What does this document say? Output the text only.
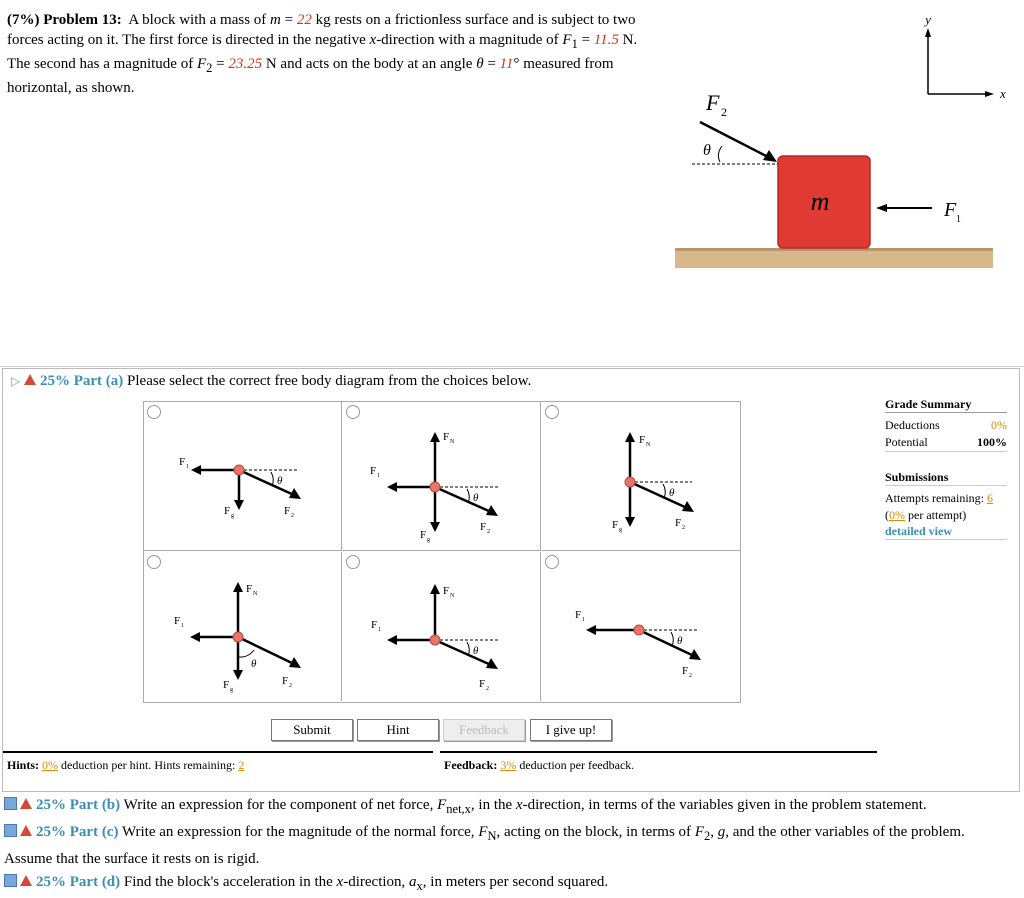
(7%) Problem 13: A block with a mass of m = 22 kg rests on a frictionless surface and is subject to two forces acting on it. The first force is directed in the negative x-direction with a magnitude of $F_1 = 11.5$ N. The second has a magnitude of $F_2 = 23.25$ N and acts on the body at an angle θ = 11° measured from horizontal, as shown.
y
x
m
F 2
θ
F 1
▷ 25% Part (a) Please select the correct free body diagram from the choices below.
θ
F 1
F g	F 2
θ
F N
F 1
F g
F 2
θ
F N
F g
F 2
θ
F N
F 1
F g
F 2
θ
F N
F 1
F 2
θ
F 1
F 2
Submit	Hint	Feedback	I give up!
Hints: 0% deduction per hint. Hints remaining: 2	Feedback: 3% deduction per feedback.
Grade Summary
Deductions	0%
Potential	100%
Submissions
Attempts remaining: 6
(0% per attempt)
detailed view
25% Part (b) Write an expression for the component of net force, $F_{net,x}$, in the x-direction, in terms of the variables given in the problem statement.
25% Part (c) Write an expression for the magnitude of the normal force, $F_N$, acting on the block, in terms of $F_2$, g, and the other variables of the problem. Assume that the surface it rests on is rigid.
25% Part (d) Find the block's acceleration in the x-direction, $a_x$, in meters per second squared.
